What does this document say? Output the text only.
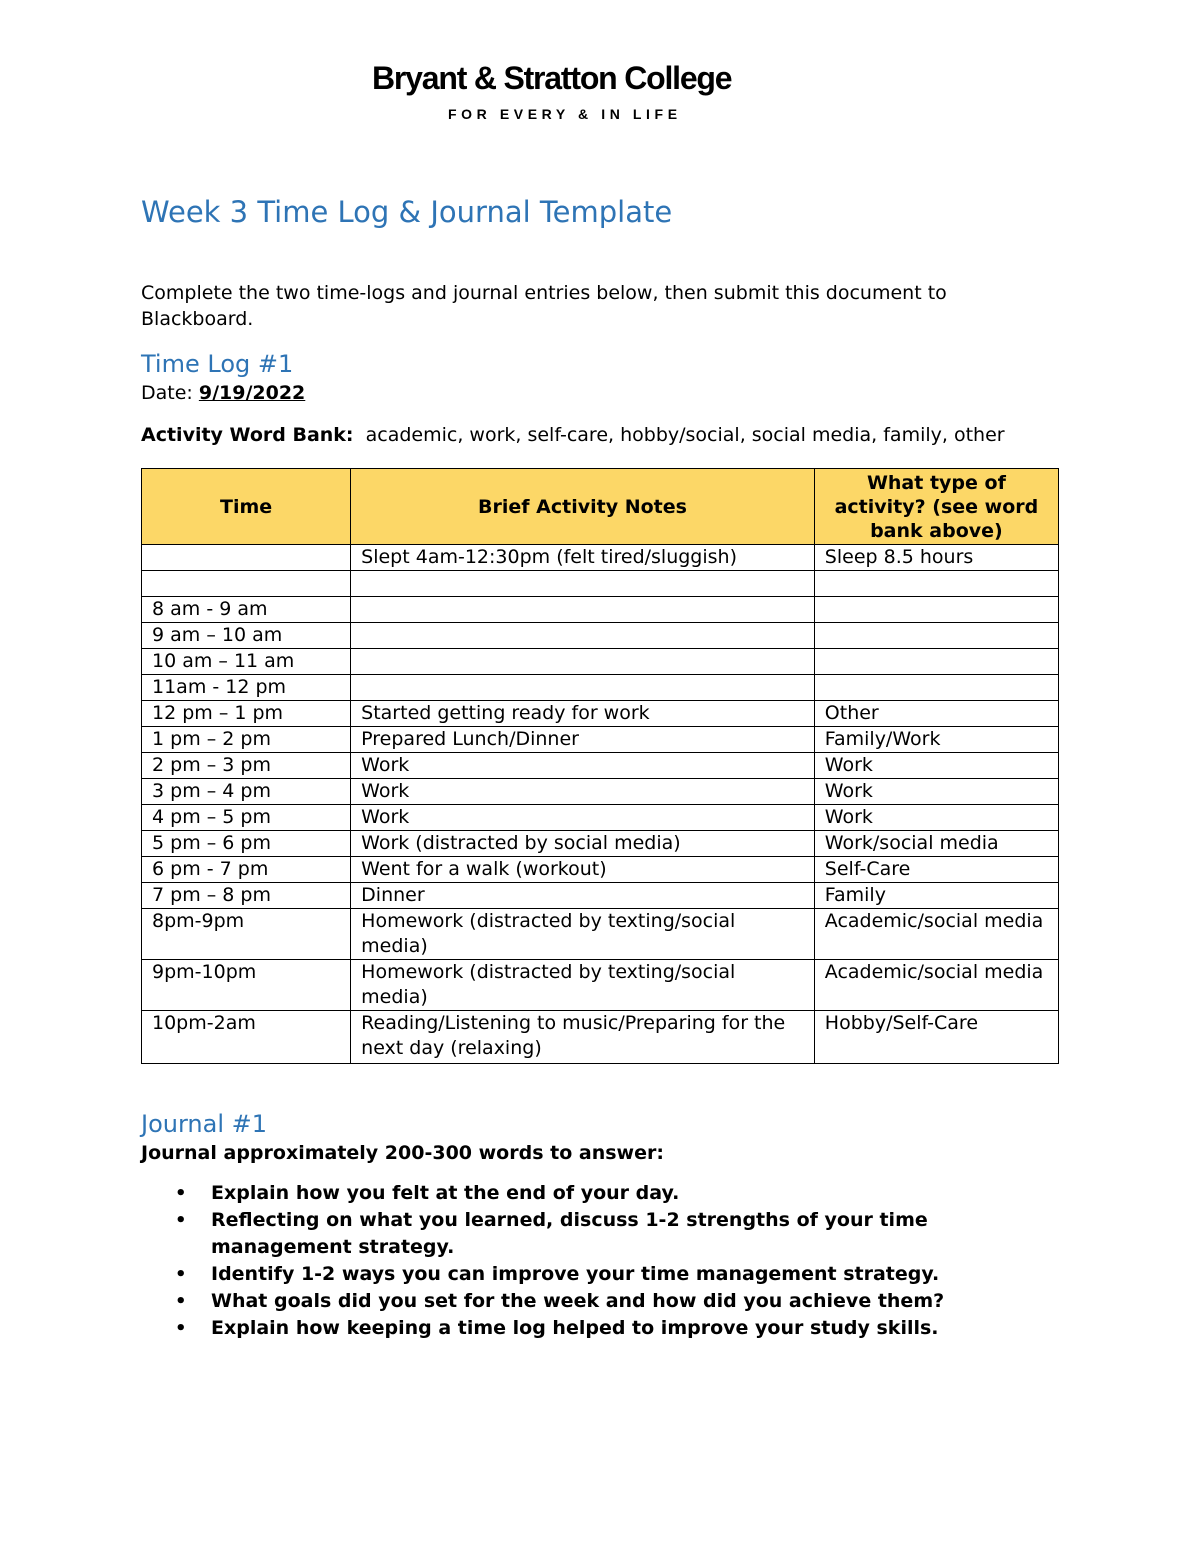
Bryant & Stratton College
FOR EVERY & IN LIFE
Week 3 Time Log & Journal Template

Complete the two time-logs and journal entries below, then submit this document to Blackboard.

Time Log #1

Date: 9/19/2022

Activity Word Bank:  academic, work, self-care, hobby/social, social media, family, other

Time	Brief Activity Notes	What type of activity? (see word bank above)
	Slept 4am-12:30pm (felt tired/sluggish)	Sleep 8.5 hours

8 am - 9 am		
9 am – 10 am		
10 am – 11 am		
11am - 12 pm		
12 pm – 1 pm	Started getting ready for work	Other
1 pm – 2 pm	Prepared Lunch/Dinner	Family/Work
2 pm – 3 pm	Work	Work
3 pm – 4 pm	Work	Work
4 pm – 5 pm	Work	Work
5 pm – 6 pm	Work (distracted by social media)	Work/social media
6 pm - 7 pm	Went for a walk (workout)	Self-Care
7 pm – 8 pm	Dinner	Family
8pm-9pm	Homework (distracted by texting/social media)	Academic/social media
9pm-10pm	Homework (distracted by texting/social media)	Academic/social media
10pm-2am	Reading/Listening to music/Preparing for the next day (relaxing)	Hobby/Self-Care
Journal #1

Journal approximately 200-300 words to answer:

• Explain how you felt at the end of your day.
• Reflecting on what you learned, discuss 1-2 strengths of your time management strategy.
• Identify 1-2 ways you can improve your time management strategy.
• What goals did you set for the week and how did you achieve them?
• Explain how keeping a time log helped to improve your study skills.
